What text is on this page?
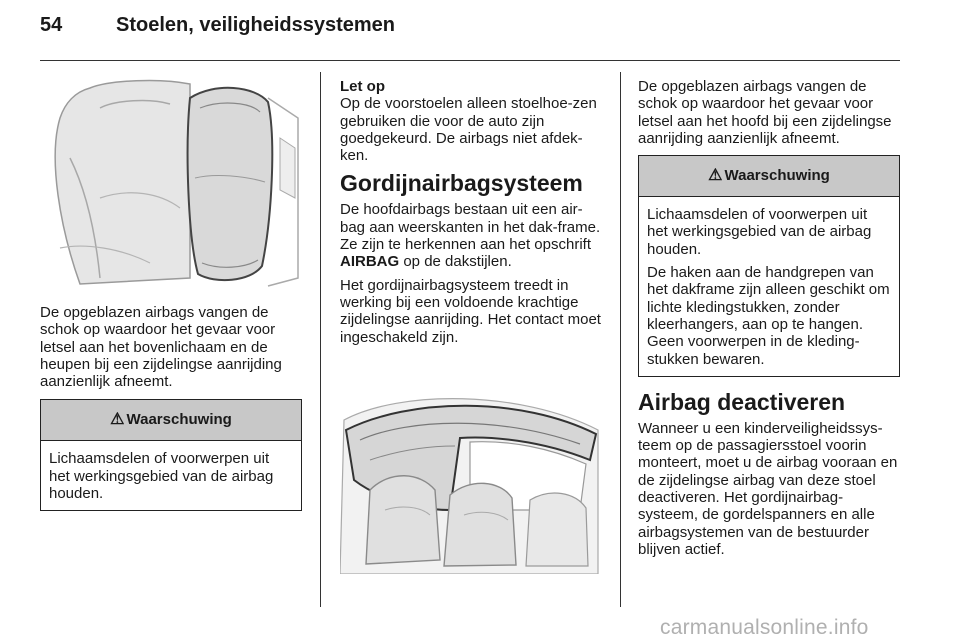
54	Stoelen, veiligheidssystemen

De opgeblazen airbags vangen de schok op waardoor het gevaar voor letsel aan het bovenlichaam en de heupen bij een zijdelingse aanrijding aanzienlijk afneemt.

⚠ Waarschuwing

Lichaamsdelen of voorwerpen uit het werkingsgebied van de airbag houden.

Let op

Op de voorstoelen alleen stoelhoe-zen gebruiken die voor de auto zijn goedgekeurd. De airbags niet afdek-ken.

Gordijnairbagsysteem

De hoofdairbags bestaan uit een air-bag aan weerskanten in het dak-frame. Ze zijn te herkennen aan het opschrift AIRBAG op de dakstijlen.

Het gordijnairbagsysteem treedt in werking bij een voldoende krachtige zijdelingse aanrijding. Het contact moet ingeschakeld zijn.

De opgeblazen airbags vangen de schok op waardoor het gevaar voor letsel aan het hoofd bij een zijdelingse aanrijding aanzienlijk afneemt.

⚠ Waarschuwing

Lichaamsdelen of voorwerpen uit het werkingsgebied van de airbag houden.

De haken aan de handgrepen van het dakframe zijn alleen geschikt om lichte kledingstukken, zonder kleerhangers, aan op te hangen. Geen voorwerpen in de kleding-stukken bewaren.

Airbag deactiveren

Wanneer u een kinderveiligheidssys-teem op de passagiersstoel voorin monteert, moet u de airbag vooraan en de zijdelingse airbag van deze stoel deactiveren. Het gordijnairbag-systeem, de gordelspanners en alle airbagsystemen van de bestuurder blijven actief.

carmanualsonline.info
